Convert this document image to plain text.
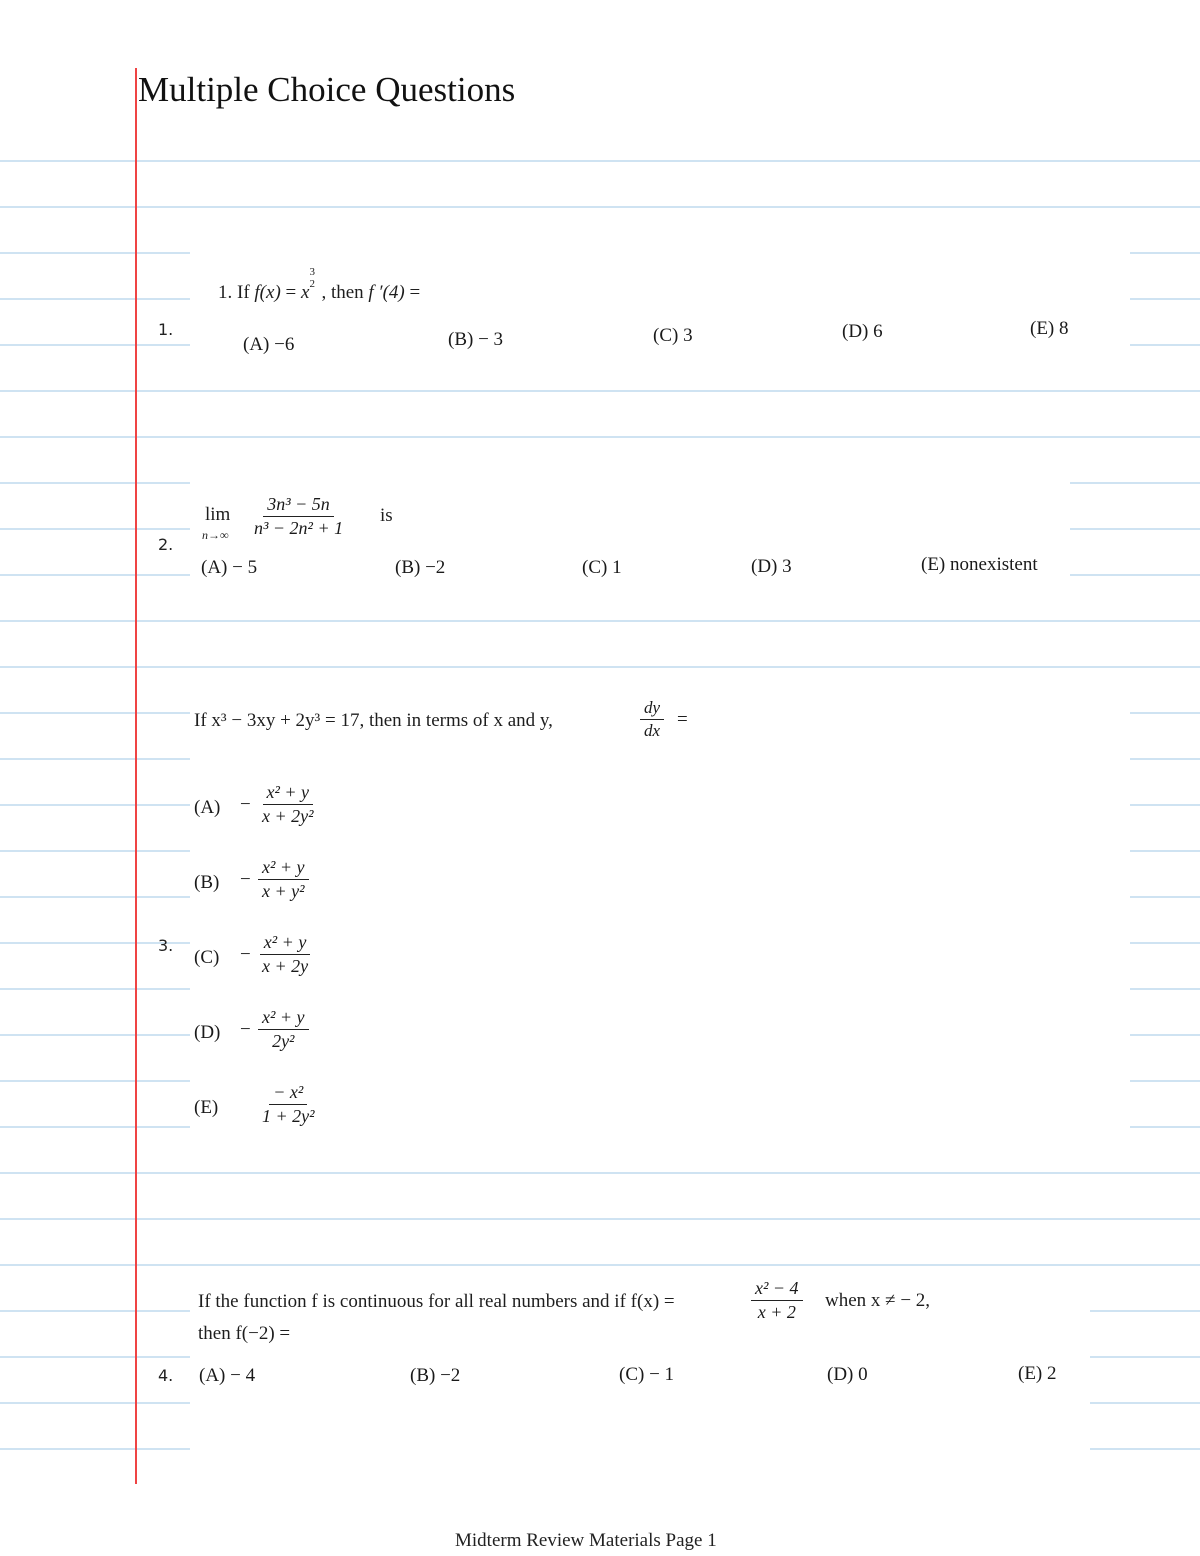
Multiple Choice Questions
1.
1. If f(x) = x
3
2 , then f ′(4) =
(A) −6	(B) − 3	(C) 3	(D) 6	(E) 8
2.
lim
$n\to\infty \frac{\text{3n³ − 5n}}{\text{n³ − 2n² + 1}}$ is
(A) − 5	(B) −2	(C) 1	(D) 3	(E) nonexistent
3.
If x³ − 3xy + 2y³ = 17, then in terms of x and y,	$\frac{dy}{dx}$ =
$(A) - \frac{\text{x² + y}}{\text{x + 2y²}}$
$(B) - \frac{\text{x² + y}}{\text{x + y²}}$
$(C) - \frac{\text{x² + y}}{x + 2y}$
$(D) - \frac{\text{x² + y}}{\text{2y²}}$
$(E) \frac{\text{− x²}}{\text{1 + 2y²}}$
4.
If the function f is continuous for all real numbers and if f(x) =	$\frac{\text{x² − 4}}{x + 2}$ when x ≠ − 2,
then f(−2) =
(A) − 4	(B) −2	(C) − 1	(D) 0	(E) 2
Midterm Review Materials Page 1
